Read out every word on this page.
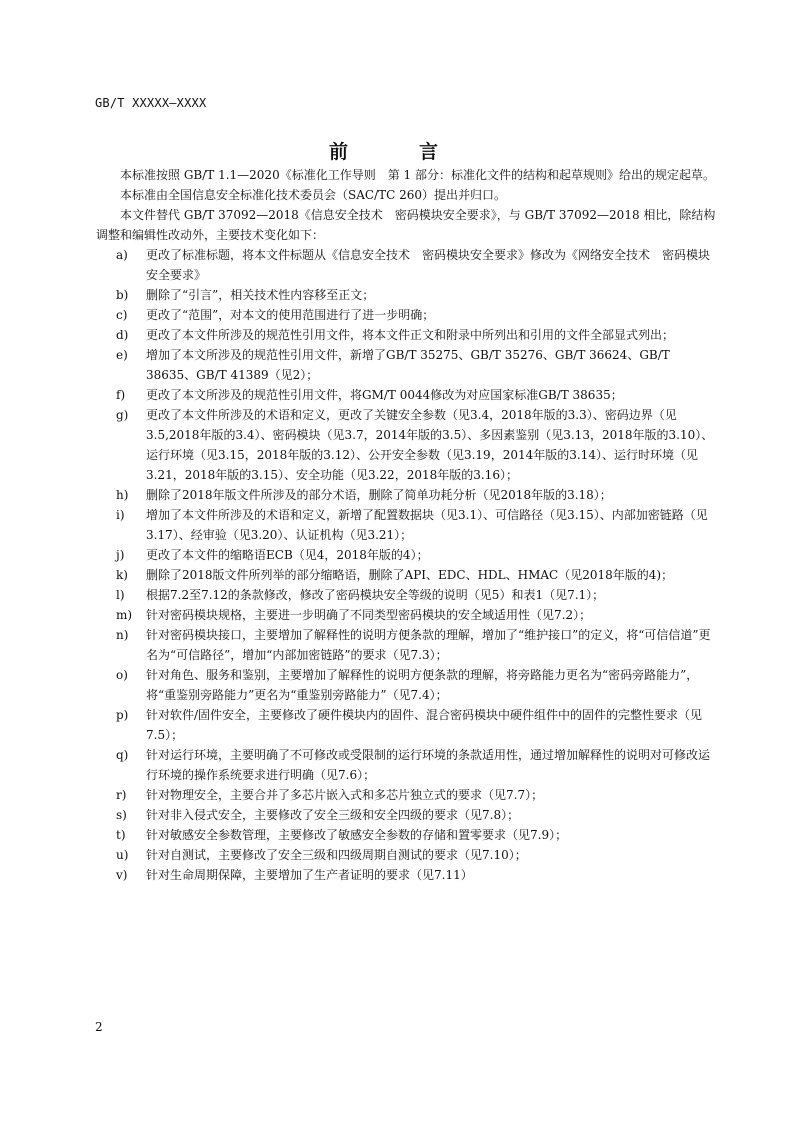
GB/T XXXXX—XXXX
前　言

本标准按照 GB/T 1.1—2020《标准化工作导则　第 1 部分：标准化文件的结构和起草规则》给出的规定起草。

本标准由全国信息安全标准化技术委员会（SAC/TC 260）提出并归口。

本文件替代 GB/T 37092—2018《信息安全技术　密码模块安全要求》，与 GB/T 37092—2018 相比，除结构调整和编辑性改动外，主要技术变化如下：

a) 更改了标准标题，将本文件标题从《信息安全技术　密码模块安全要求》修改为《网络安全技术　密码模块安全要求》
b) 删除了“引言”，相关技术性内容移至正文；
c) 更改了“范围”，对本文的使用范围进行了进一步明确；
d) 更改了本文件所涉及的规范性引用文件，将本文件正文和附录中所列出和引用的文件全部显式列出；
e) 增加了本文所涉及的规范性引用文件，新增了GB/T 35275、GB/T 35276、GB/T 36624、GB/T 38635、GB/T 41389（见2）；
f) 更改了本文所涉及的规范性引用文件，将GM/T 0044修改为对应国家标准GB/T 38635；
g) 更改了本文件所涉及的术语和定义，更改了关键安全参数（见3.4，2018年版的3.3）、密码边界（见3.5,2018年版的3.4）、密码模块（见3.7，2014年版的3.5）、多因素鉴别（见3.13，2018年版的3.10）、运行环境（见3.15，2018年版的3.12）、公开安全参数（见3.19，2014年版的3.14）、运行时环境（见3.21，2018年版的3.15）、安全功能（见3.22，2018年版的3.16）；
h) 删除了2018年版文件所涉及的部分术语，删除了简单功耗分析（见2018年版的3.18）；
i) 增加了本文件所涉及的术语和定义，新增了配置数据块（见3.1）、可信路径（见3.15）、内部加密链路（见3.17）、经审验（见3.20）、认证机构（见3.21）；
j) 更改了本文件的缩略语ECB（见4，2018年版的4）；
k) 删除了2018版文件所列举的部分缩略语，删除了API、EDC、HDL、HMAC（见2018年版的4)；
l) 根据7.2至7.12的条款修改，修改了密码模块安全等级的说明（见5）和表1（见7.1）；
m) 针对密码模块规格，主要进一步明确了不同类型密码模块的安全域适用性（见7.2）；
n) 针对密码模块接口，主要增加了解释性的说明方便条款的理解，增加了“维护接口”的定义，将“可信信道”更名为“可信路径”，增加“内部加密链路”的要求（见7.3）；
o) 针对角色、服务和鉴别，主要增加了解释性的说明方便条款的理解，将旁路能力更名为“密码旁路能力”，将“重鉴别旁路能力”更名为“重鉴别旁路能力”（见7.4）；
p) 针对软件/固件安全，主要修改了硬件模块内的固件、混合密码模块中硬件组件中的固件的完整性要求（见7.5）；
q) 针对运行环境，主要明确了不可修改或受限制的运行环境的条款适用性，通过增加解释性的说明对可修改运行环境的操作系统要求进行明确（见7.6）；
r) 针对物理安全，主要合并了多芯片嵌入式和多芯片独立式的要求（见7.7）；
s) 针对非入侵式安全，主要修改了安全三级和安全四级的要求（见7.8）；
t) 针对敏感安全参数管理，主要修改了敏感安全参数的存储和置零要求（见7.9）；
u) 针对自测试，主要修改了安全三级和四级周期自测试的要求（见7.10）；
v) 针对生命周期保障，主要增加了生产者证明的要求（见7.11）
2
